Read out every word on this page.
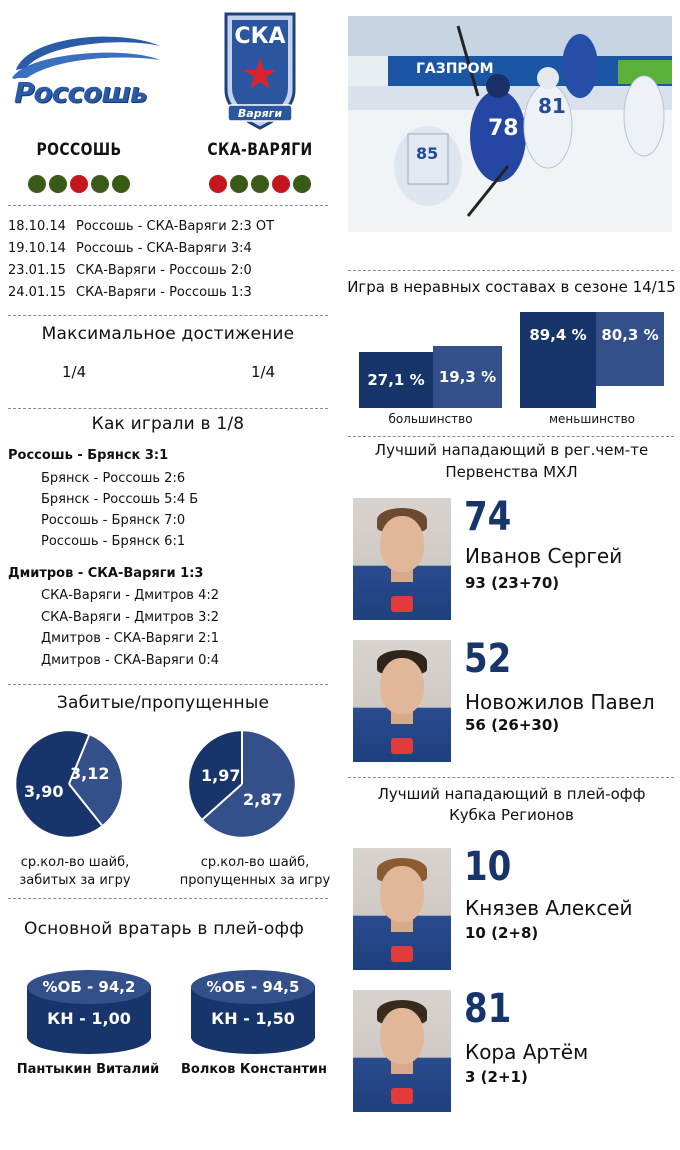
Россошь
СКА
Варяги
РОССОШЬ	СКА-ВАРЯГИ
18.10.14 Россошь - СКА-Варяги 2:3 ОТ
19.10.14 Россошь - СКА-Варяги 3:4
23.01.15 СКА-Варяги - Россошь 2:0
24.01.15 СКА-Варяги - Россошь 1:3
Максимальное достижение
1/4	1/4
Как играли в 1/8
Россошь - Брянск 3:1
Брянск - Россошь 2:6
Брянск - Россошь 5:4 Б
Россошь - Брянск 7:0
Россошь - Брянск 6:1
Дмитров - СКА-Варяги 1:3
СКА-Варяги - Дмитров 4:2
СКА-Варяги - Дмитров 3:2
Дмитров - СКА-Варяги 2:1
Дмитров - СКА-Варяги 0:4
Забитые/пропущенные
3,90
3,12
ср.кол-во шайб,
забитых за игру
1,97
2,87
ср.кол-во шайб,
пропущенных за игру
Основной вратарь в плей-офф
%ОБ - 94,2
КН - 1,00
Пантыкин Виталий
%ОБ - 94,5
КН - 1,50
Волков Константин
ГАЗПРОМ
78
81
85
Игра в неравных составах в сезоне 14/15
27,1 % 19,3 %
большинство
89,4 % 80,3 %
меньшинство
Лучший нападающий в рег.чем-те
Первенства МХЛ
74
Иванов Сергей
93 (23+70)
52
Новожилов Павел
56 (26+30)
Лучший нападающий в плей-офф
Кубка Регионов
10
Князев Алексей
10 (2+8)
81
Кора Артём
3 (2+1)
